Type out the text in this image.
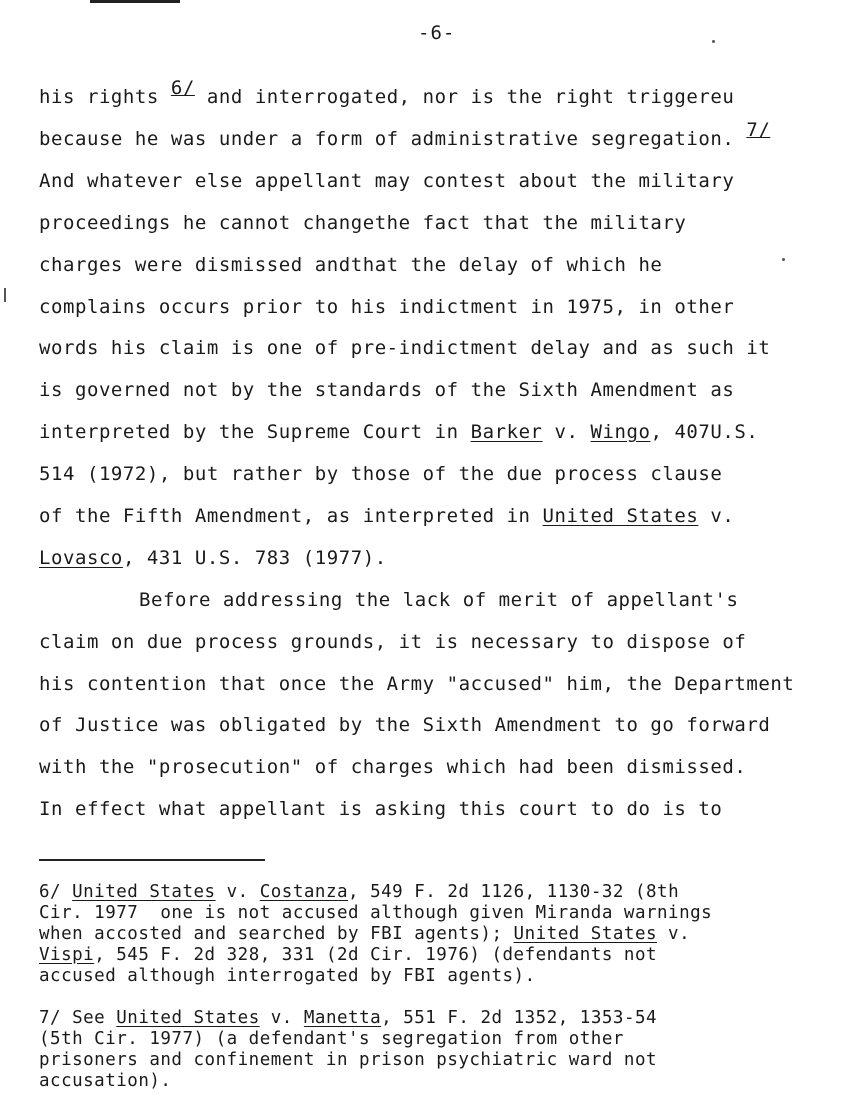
-6-
his rights 6/ and interrogated, nor is the right triggereu
because he was under a form of administrative segregation. 7/
And whatever else appellant may contest about the military
proceedings he cannot changethe fact that the military
charges were dismissed andthat the delay of which he
complains occurs prior to his indictment in 1975, in other
words his claim is one of pre-indictment delay and as such it
is governed not by the standards of the Sixth Amendment as
interpreted by the Supreme Court in Barker v. Wingo, 407U.S.
514 (1972), but rather by those of the due process clause
of the Fifth Amendment, as interpreted in United States v.
Lovasco, 431 U.S. 783 (1977).
Before addressing the lack of merit of appellant's
claim on due process grounds, it is necessary to dispose of
his contention that once the Army "accused" him, the Department
of Justice was obligated by the Sixth Amendment to go forward
with the "prosecution" of charges which had been dismissed.
In effect what appellant is asking this court to do is to
6/ United States v. Costanza, 549 F. 2d 1126, 1130-32 (8th
Cir. 1977  one is not accused although given Miranda warnings
when accosted and searched by FBI agents); United States v.
Vispi, 545 F. 2d 328, 331 (2d Cir. 1976) (defendants not
accused although interrogated by FBI agents).
7/ See United States v. Manetta, 551 F. 2d 1352, 1353-54
(5th Cir. 1977) (a defendant's segregation from other
prisoners and confinement in prison psychiatric ward not
accusation).
